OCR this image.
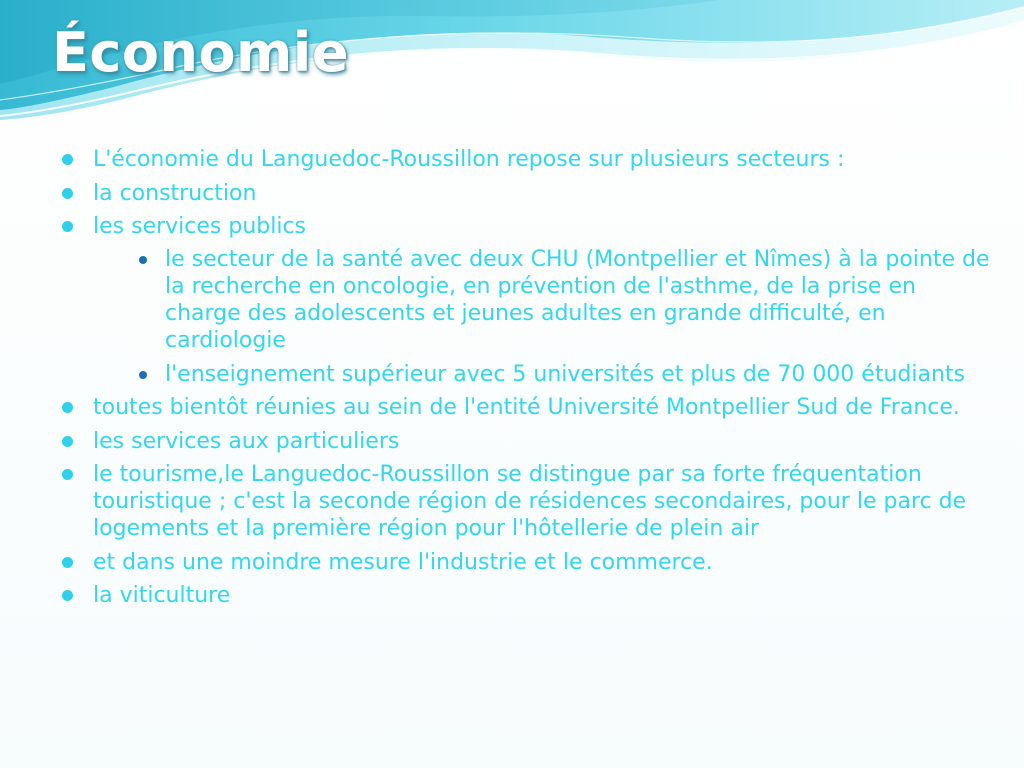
Économie
L'économie du Languedoc-Roussillon repose sur plusieurs secteurs :
la construction
les services publics
le secteur de la santé avec deux CHU (Montpellier et Nîmes) à la pointe de la recherche en oncologie, en prévention de l'asthme, de la prise en charge des adolescents et jeunes adultes en grande difficulté, en cardiologie
l'enseignement supérieur avec 5 universités et plus de 70 000 étudiants
toutes bientôt réunies au sein de l'entité Université Montpellier Sud de France.
les services aux particuliers
le tourisme,le Languedoc-Roussillon se distingue par sa forte fréquentation touristique ; c'est la seconde région de résidences secondaires, pour le parc de logements et la première région pour l'hôtellerie de plein air
et dans une moindre mesure l'industrie et le commerce.
la viticulture
